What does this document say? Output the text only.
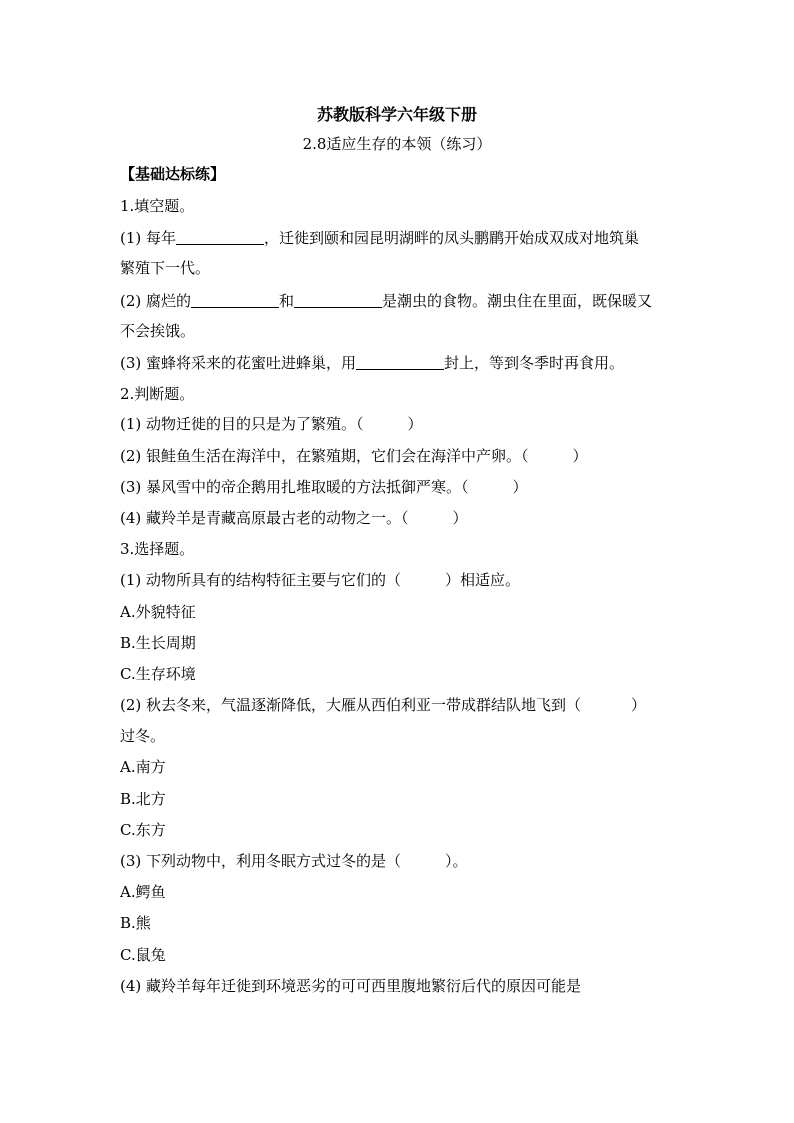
苏教版科学六年级下册
2.8适应生存的本领（练习）
【基础达标练】
1.填空题。
(1) 每年	，迁徙到颐和园昆明湖畔的凤头鹏鹛开始成双成对地筑巢
繁殖下一代。
(2) 腐烂的	和	是潮虫的食物。潮虫住在里面，既保暖又
不会挨饿。
(3) 蜜蜂将采来的花蜜吐进蜂巢，用	封上，等到冬季时再食用。
2.判断题。
(1) 动物迁徙的目的只是为了繁殖。（	）
(2) 银鲑鱼生活在海洋中，在繁殖期，它们会在海洋中产卵。（	）
(3) 暴风雪中的帝企鹅用扎堆取暖的方法抵御严寒。（	）
(4) 藏羚羊是青藏高原最古老的动物之一。（	）
3.选择题。
(1) 动物所具有的结构特征主要与它们的（	）相适应。
A.外貌特征
B.生长周期
C.生存环境
(2) 秋去冬来，气温逐渐降低，大雁从西伯利亚一带成群结队地飞到（	）
过冬。
A.南方
B.北方
C.东方
(3) 下列动物中，利用冬眠方式过冬的是（	）。
A.鳄鱼
B.熊
C.鼠兔
(4) 藏羚羊每年迁徙到环境恶劣的可可西里腹地繁衍后代的原因可能是
